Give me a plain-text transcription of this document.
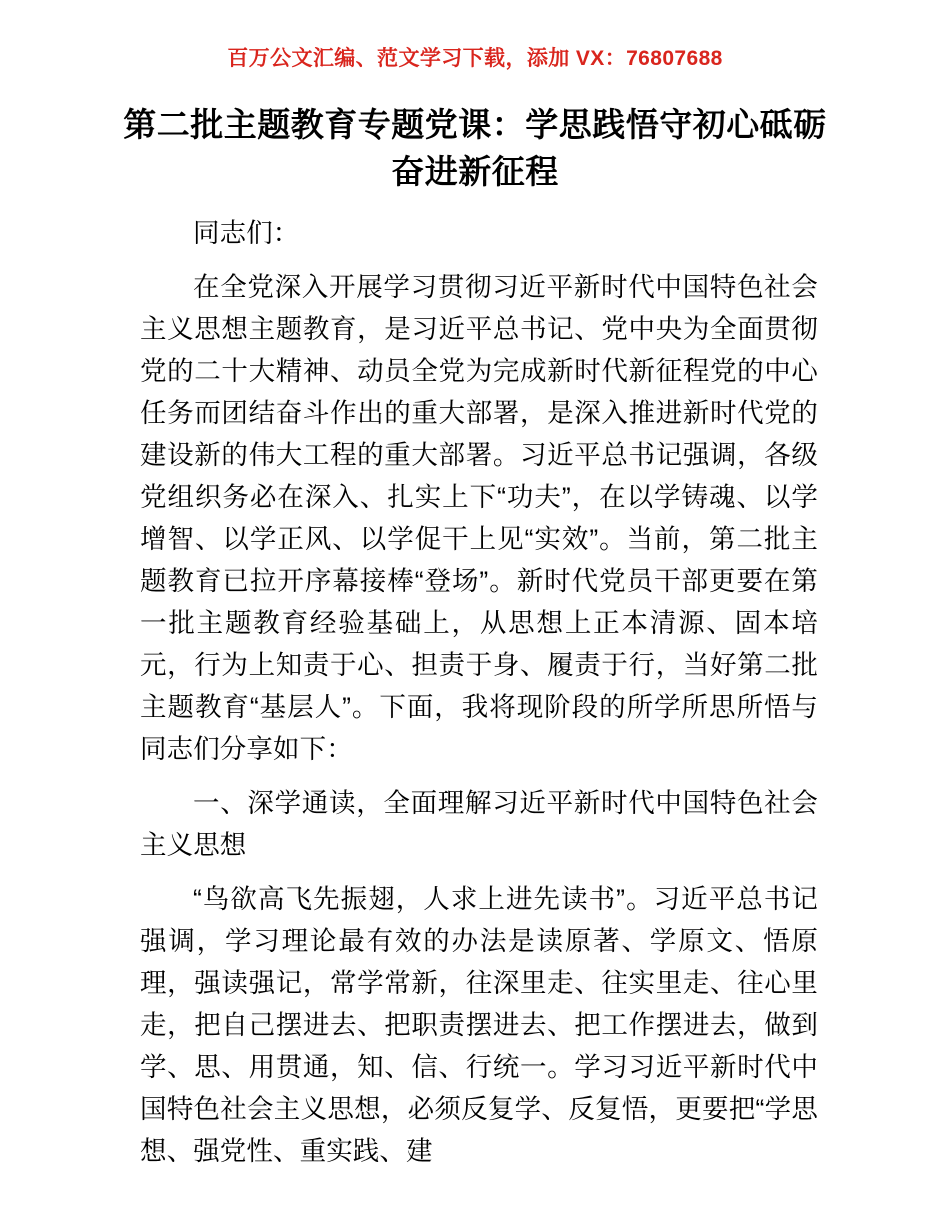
百万公文汇编、范文学习下载，添加 VX：76807688
第二批主题教育专题党课：学思践悟守初心砥砺奋进新征程

同志们：

在全党深入开展学习贯彻习近平新时代中国特色社会主义思想主题教育，是习近平总书记、党中央为全面贯彻党的二十大精神、动员全党为完成新时代新征程党的中心任务而团结奋斗作出的重大部署，是深入推进新时代党的建设新的伟大工程的重大部署。习近平总书记强调，各级党组织务必在深入、扎实上下“功夫”，在以学铸魂、以学增智、以学正风、以学促干上见“实效”。当前，第二批主题教育已拉开序幕接棒“登场”。新时代党员干部更要在第一批主题教育经验基础上，从思想上正本清源、固本培元，行为上知责于心、担责于身、履责于行，当好第二批主题教育“基层人”。下面，我将现阶段的所学所思所悟与同志们分享如下：

一、深学通读，全面理解习近平新时代中国特色社会主义思想

“鸟欲高飞先振翅，人求上进先读书”。习近平总书记强调，学习理论最有效的办法是读原著、学原文、悟原理，强读强记，常学常新，往深里走、往实里走、往心里走，把自己摆进去、把职责摆进去、把工作摆进去，做到学、思、用贯通，知、信、行统一。学习习近平新时代中国特色社会主义思想，必须反复学、反复悟，更要把“学思想、强党性、重实践、建
